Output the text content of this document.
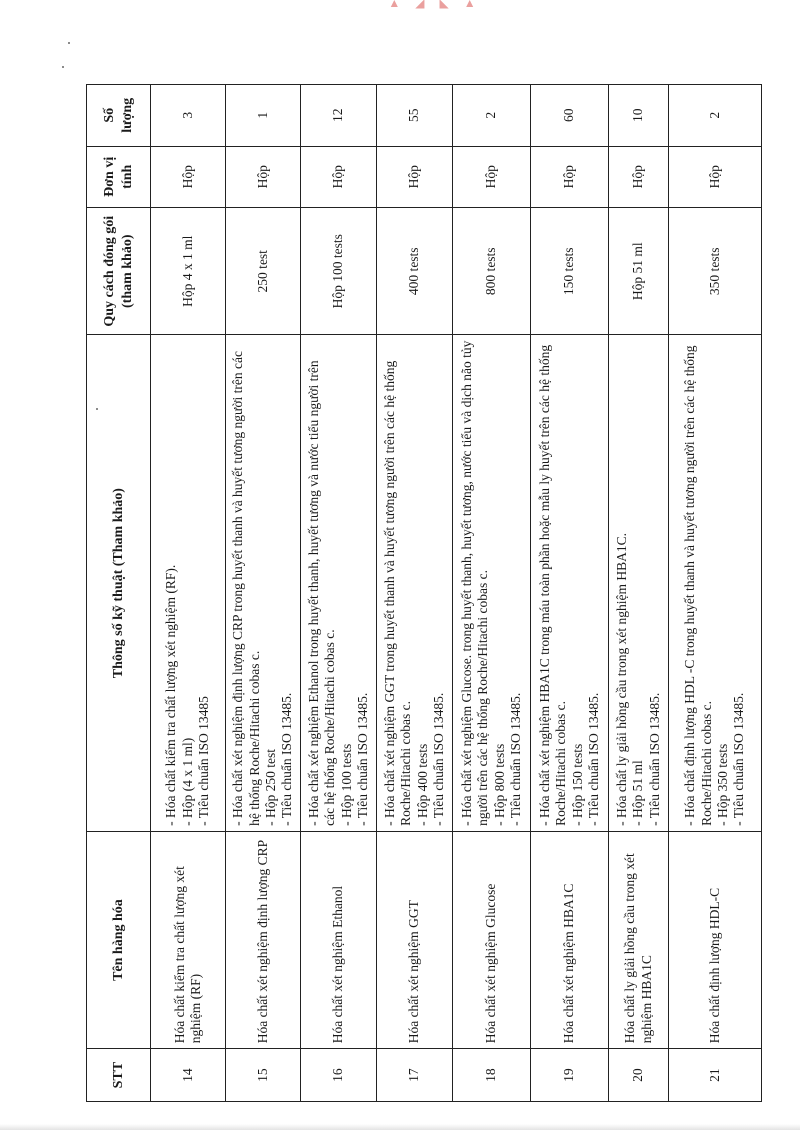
▲ ◢ ◣ ▲
STT	Tên hàng hóa	Thông số kỹ thuật (Tham khảo)	Quy cách đóng gói (tham khảo)	Đơn vị tính	Số lượng
14	Hóa chất kiểm tra chất lượng xét nghiệm (RF)	- Hóa chất kiểm tra chất lượng xét nghiệm (RF). - Hộp (4 x 1 ml) - Tiêu chuẩn ISO 13485	Hộp 4 x 1 ml	Hộp	3
15	Hóa chất xét nghiệm định lượng CRP	- Hóa chất xét nghiệm định lượng CRP trong huyết thanh và huyết tương người trên các hệ thống Roche/Hitachi cobas c. - Hộp 250 test - Tiêu chuẩn ISO 13485.	250 test	Hộp	1
16	Hóa chất xét nghiệm Ethanol	- Hóa chất xét nghiệm Ethanol trong huyết thanh, huyết tương và nước tiểu người trên các hệ thống Roche/Hitachi cobas c. - Hộp 100 tests - Tiêu chuẩn ISO 13485.	Hộp 100 tests	Hộp	12
17	Hóa chất xét nghiệm GGT	- Hóa chất xét nghiệm GGT trong huyết thanh và huyết tương người trên các hệ thống Roche/Hitachi cobas c. - Hộp 400 tests - Tiêu chuẩn ISO 13485.	400 tests	Hộp	55
18	Hóa chất xét nghiệm Glucose	- Hóa chất xét nghiệm Glucose. trong huyết thanh, huyết tương, nước tiểu và dịch não tủy người trên các hệ thống Roche/Hitachi cobas c. - Hộp 800 tests - Tiêu chuẩn ISO 13485.	800 tests	Hộp	2
19	Hóa chất xét nghiệm HBA1C	- Hóa chất xét nghiệm HBA1C trong máu toàn phần hoặc mẫu ly huyết trên các hệ thống Roche/Hitachi cobas c. - Hộp 150 tests - Tiêu chuẩn ISO 13485.	150 tests	Hộp	60
20	Hóa chất ly giải hồng cầu trong xét nghiệm HBA1C	- Hóa chất ly giải hồng cầu trong xét nghiệm HBA1C. - Hộp 51 ml - Tiêu chuẩn ISO 13485.	Hộp 51 ml	Hộp	10
21	Hóa chất định lượng HDL-C	- Hóa chất định lượng HDL -C trong huyết thanh và huyết tương người trên các hệ thống Roche/Hitachi cobas c. - Hộp 350 tests - Tiêu chuẩn ISO 13485.	350 tests	Hộp	2
